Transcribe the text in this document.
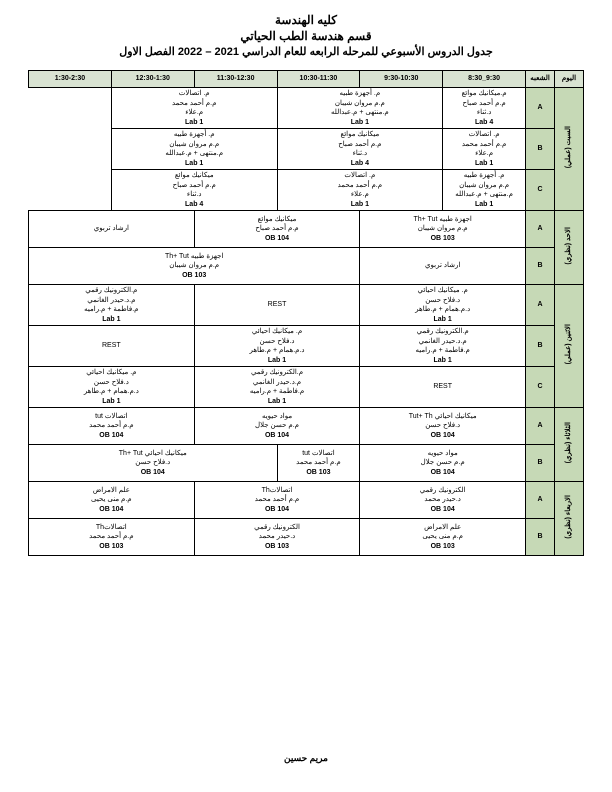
كليه الهندسة
قسم هندسة الطب الحياتي
جدول الدروس الأسبوعي للمرحله الرابعه للعام الدراسي 2021 – 2022 الفصل الاول
اليوم	الشعبه	9:30_8:30	9:30-10:30	10:30-11:30	11:30-12:30	12:30-1:30	1:30-2:30
السبت (عملي)	A	م.ميكانيك موائع
م.م أحمد صباح
د.ثناء
Lab 4	م. أجهزة طبيه
م.م مروان شيبان
م.منتهى + م.عبدالله
Lab 1		م. اتصالات
م.م أحمد محمد
م.علاء
Lab 1		

	B	م. اتصالات
م.م أحمد محمد
م.علاء
Lab 1	ميكانيك موائع
م.م أحمد صباح
د.ثناء
Lab 4		م. أجهزة طبيه
م.م مروان شيبان
م.منتهى + م.عبدالله
Lab 1		

	C	م. أجهزة طبيه
م.م مروان شيبان
م.منتهى + م.عبدالله
Lab 1	م. اتصالات
م.م أحمد محمد
م.علاء
Lab 1		ميكانيك موائع
م.م أحمد صباح
د.ثناء
Lab 4		

الاحد (نظري)	A	اجهزة طبيه Th+ Tut
م.م مروان شيبان
OB 103		ميكانيك موائع
م.م أحمد صباح
OB 104		ارشاد تربوي	

	B	ارشاد تربوي		اجهزة طبيه Th+ Tut
م.م مروان شيبان
OB 103			

الاثنين (عملي)	A	م. ميكانيك احيائي
د.فلاح حسن
د.م.همام + م.طاهر
Lab 1		REST		م.الكترونيك رقمي
م.د.حيدر الغانمي
م.فاطمة + م.راميه
Lab 1	

	B	م.الكترونيك رقمي
م.د.حيدر الغانمي
م.فاطمة + م.راميه
Lab 1		م. ميكانيك احيائي
د.فلاح حسن
د.م.همام + م.طاهر
Lab 1		REST	

	C	REST		م.الكترونيك رقمي
م.د.حيدر الغانمي
م.فاطمة + م.راميه
Lab 1		م. ميكانيك احيائي
د.فلاح حسن
د.م.همام + م.طاهر
Lab 1	

الثلاثاء (نظري)	A	ميكانيك احيائي Tut+ Th
د.فلاح حسن
OB 104		مواد حيويه
م.م حسن جلال
OB 104		اتصالات tut
م.م أحمد محمد
OB 104	

	B	مواد حيويه
م.م حسن جلال
OB 104		اتصالات tut
م.م أحمد محمد
OB 103	ميكانيك احيائي Th+ Tut
د.فلاح حسن
OB 104		

الاربعاء (نظري)	A	الكترونيك رقمي
د.حيدر محمد
OB 104		اتصالاتTh
م.م أحمد محمد
OB 104		علم الامراض
م.م منى يحيى
OB 104	

	B	علم الامراض
م.م منى يحيى
OB 103		الكترونيك رقمي
د.حيدر محمد
OB 103		اتصالاتTh
م.م أحمد محمد
OB 103	
مريم حسين
